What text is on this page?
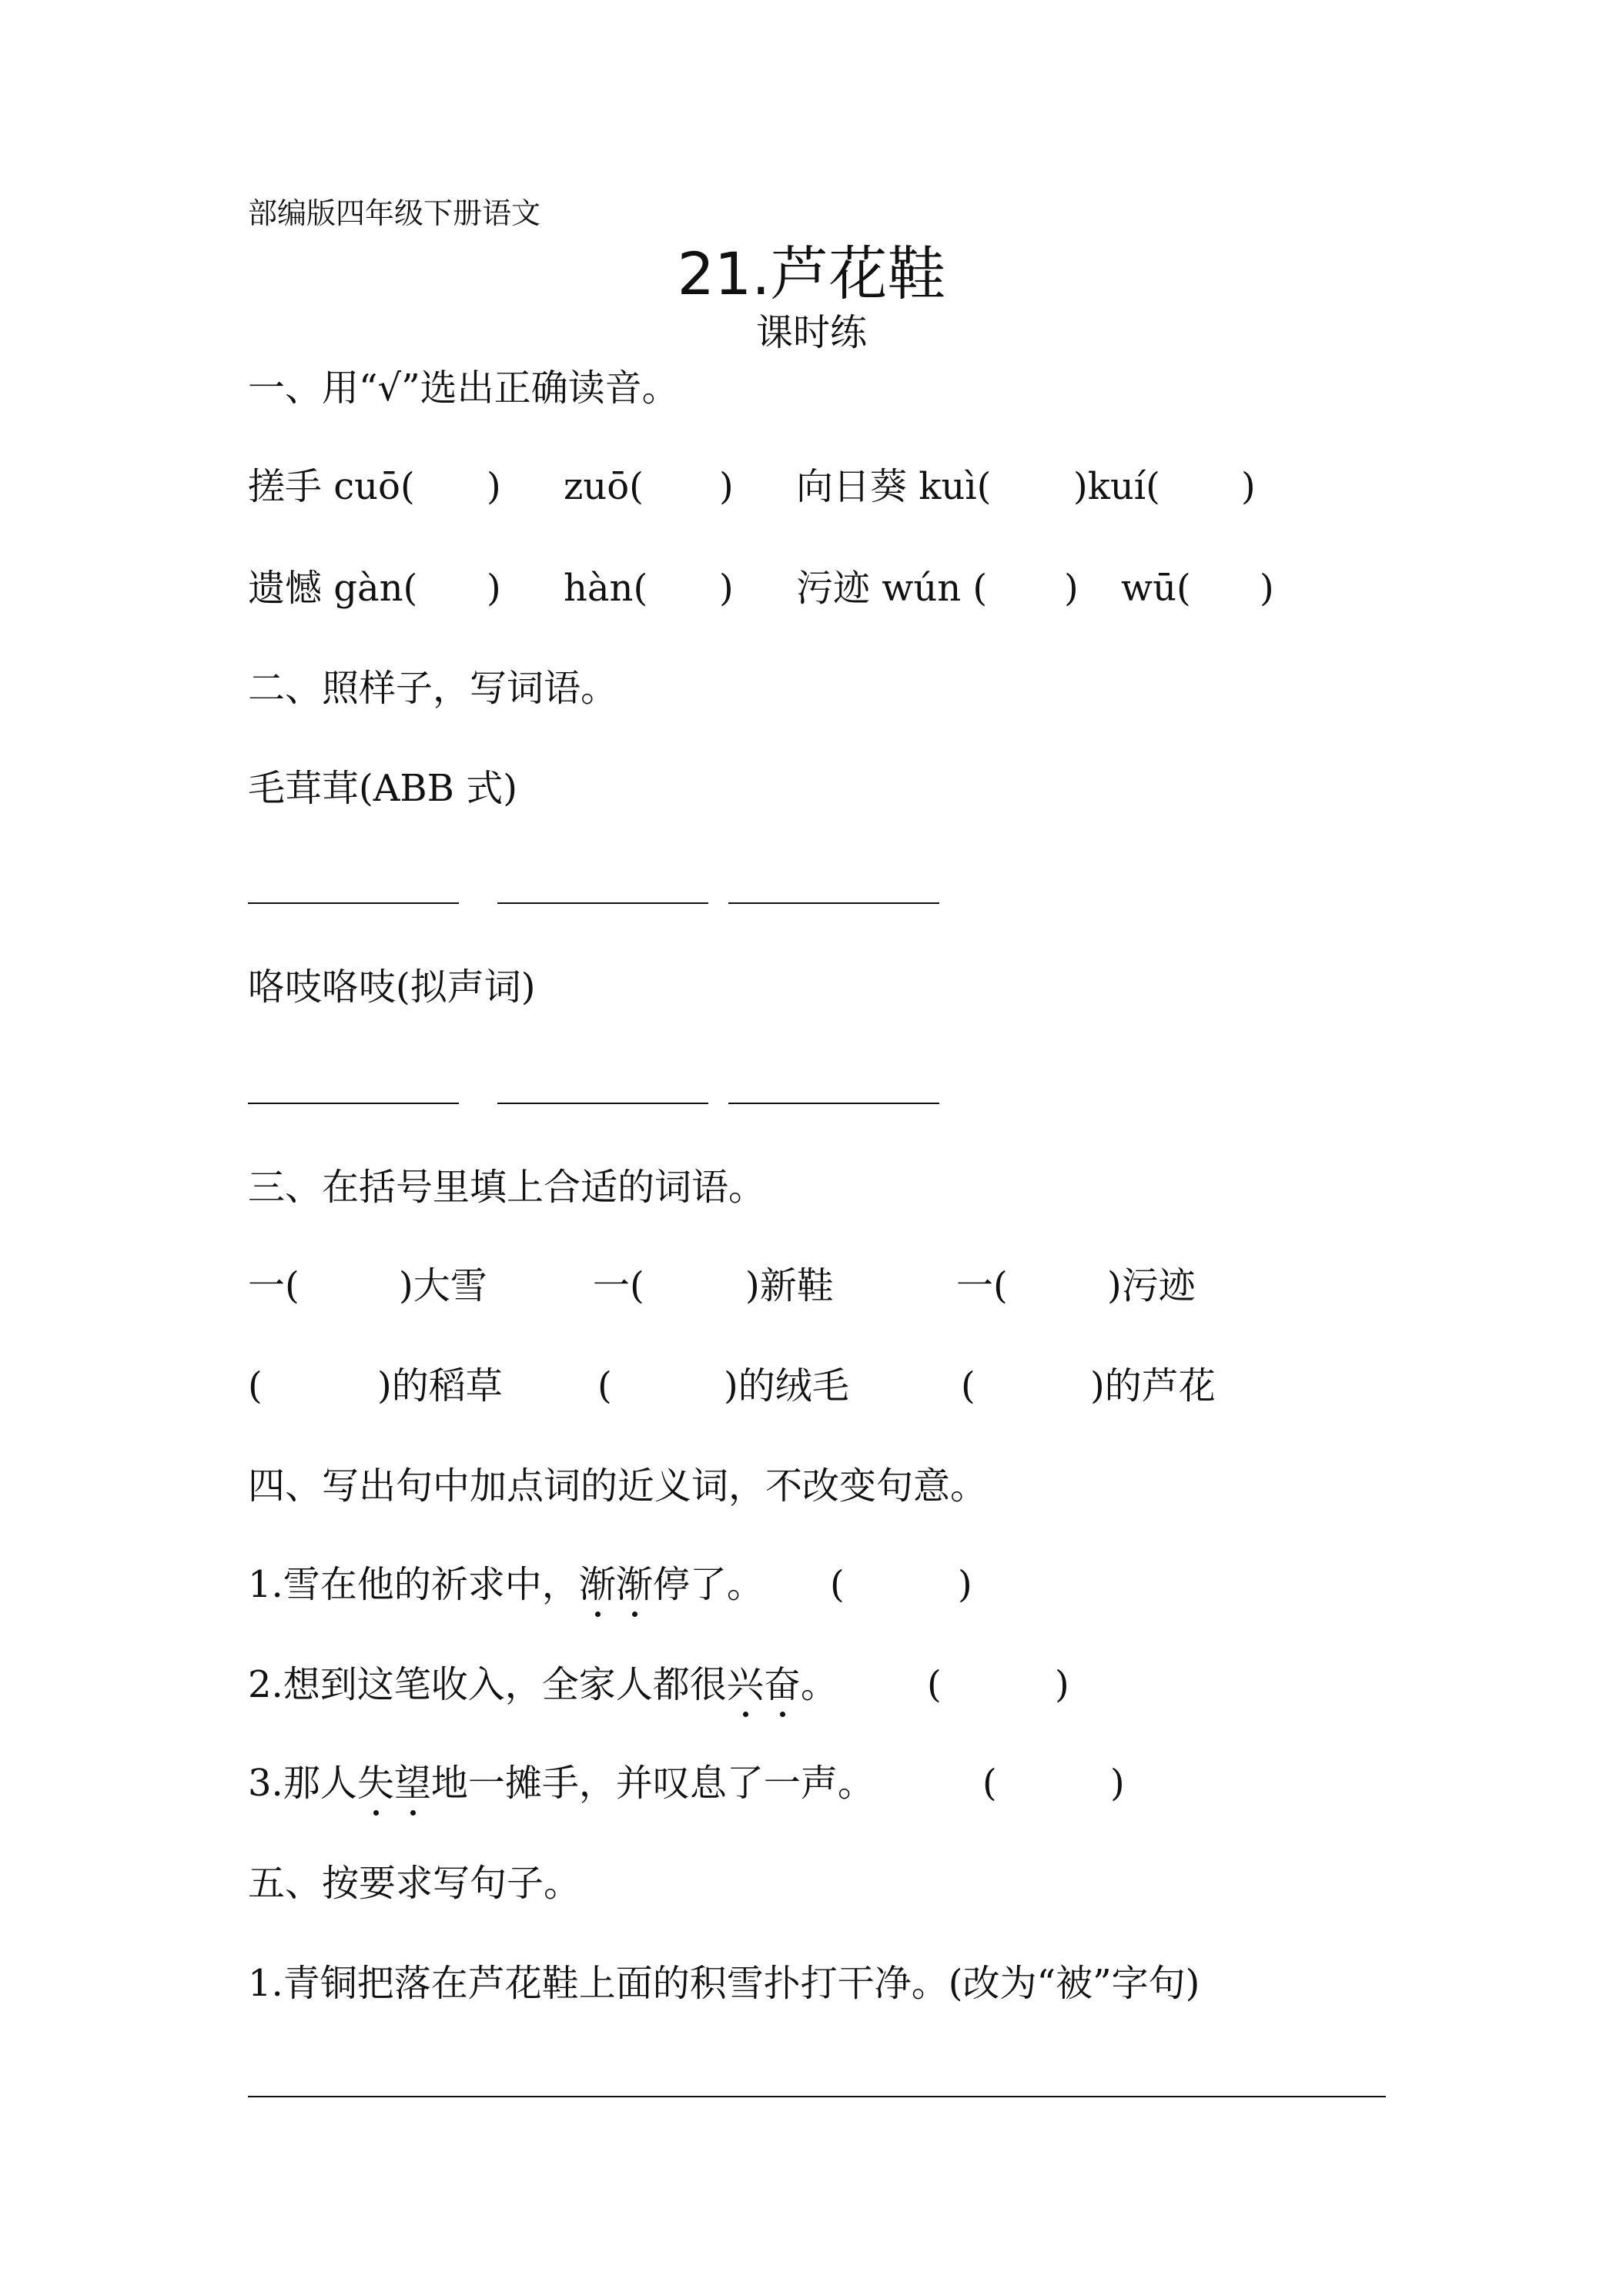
部编版四年级下册语文
21.芦花鞋
课时练
一、用“√”选出正确读音。
搓手 cuō( ) zuō( ) 向日葵 kuì( )kuí( )
遗憾 gàn( ) hàn( ) 污迹 wún ( ) wū( )
二、照样子，写词语。
毛茸茸(ABB 式)
咯吱咯吱(拟声词)
三、在括号里填上合适的词语。
一(	)大雪	一(	)新鞋	一(	)污迹
(	)的稻草	(	)的绒毛	(	)的芦花
四、写出句中加点词的近义词，不改变句意。
1.雪在他的祈求中，渐渐停了。 (	)
2.想到这笔收入，全家人都很兴奋。 (	)
3.那人失望地一摊手，并叹息了一声。	(	)
五、按要求写句子。
1.青铜把落在芦花鞋上面的积雪扑打干净。(改为“被”字句)
